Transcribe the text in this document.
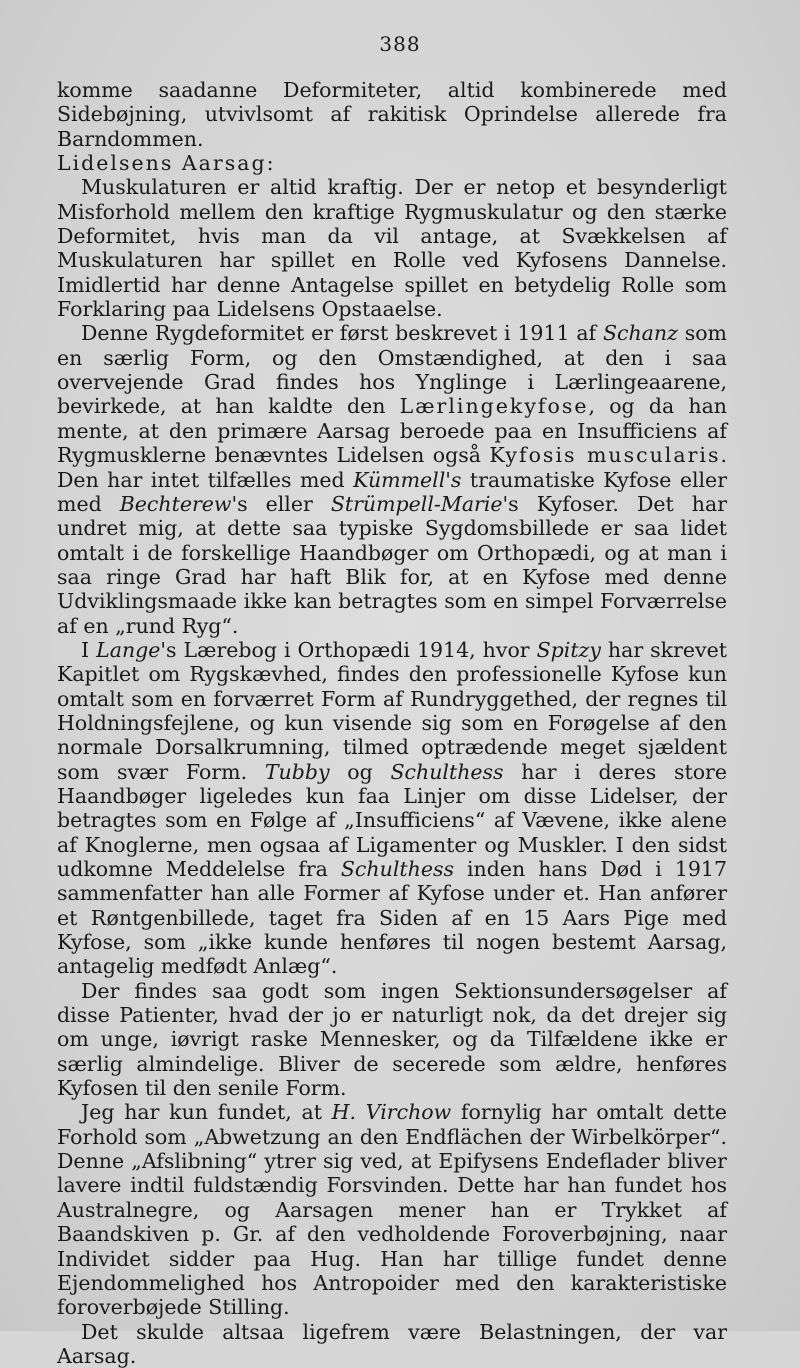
388

komme saadanne Deformiteter, altid kombinerede med Sidebøjning, utvivlsomt af rakitisk Oprindelse allerede fra Barndommen.

Lidelsens Aarsag:

Muskulaturen er altid kraftig. Der er netop et besynderligt Misforhold mellem den kraftige Rygmuskulatur og den stærke Deformitet, hvis man da vil antage, at Svækkelsen af Muskulaturen har spillet en Rolle ved Kyfosens Dannelse. Imidlertid har denne Antagelse spillet en betydelig Rolle som Forklaring paa Lidelsens Opstaaelse.

Denne Rygdeformitet er først beskrevet i 1911 af Schanz som en særlig Form, og den Omstændighed, at den i saa overvejende Grad findes hos Ynglinge i Lærlingeaarene, bevirkede, at han kaldte den Lærlingekyfose, og da han mente, at den primære Aarsag beroede paa en Insufficiens af Rygmusklerne benævntes Lidelsen også Kyfosis muscularis. Den har intet tilfælles med Kümmell's traumatiske Kyfose eller med Bechterew's eller Strümpell-Marie's Kyfoser. Det har undret mig, at dette saa typiske Sygdomsbillede er saa lidet omtalt i de forskellige Haandbøger om Orthopædi, og at man i saa ringe Grad har haft Blik for, at en Kyfose med denne Udviklingsmaade ikke kan betragtes som en simpel Forværrelse af en „rund Ryg“.

I Lange's Lærebog i Orthopædi 1914, hvor Spitzy har skrevet Kapitlet om Rygskævhed, findes den professionelle Kyfose kun omtalt som en forværret Form af Rundryggethed, der regnes til Holdningsfejlene, og kun visende sig som en Forøgelse af den normale Dorsalkrumning, tilmed optrædende meget sjældent som svær Form. Tubby og Schulthess har i deres store Haandbøger ligeledes kun faa Linjer om disse Lidelser, der betragtes som en Følge af „Insufficiens“ af Vævene, ikke alene af Knoglerne, men ogsaa af Ligamenter og Muskler. I den sidst udkomne Meddelelse fra Schulthess inden hans Død i 1917 sammenfatter han alle Former af Kyfose under et. Han anfører et Røntgenbillede, taget fra Siden af en 15 Aars Pige med Kyfose, som „ikke kunde henføres til nogen bestemt Aarsag, antagelig medfødt Anlæg“.

Der findes saa godt som ingen Sektionsundersøgelser af disse Patienter, hvad der jo er naturligt nok, da det drejer sig om unge, iøvrigt raske Mennesker, og da Tilfældene ikke er særlig almindelige. Bliver de secerede som ældre, henføres Kyfosen til den senile Form.

Jeg har kun fundet, at H. Virchow fornylig har omtalt dette Forhold som „Abwetzung an den Endflächen der Wirbelkörper“. Denne „Afslibning“ ytrer sig ved, at Epifysens Endeflader bliver lavere indtil fuldstændig Forsvinden. Dette har han fundet hos Australnegre, og Aarsagen mener han er Trykket af Baandskiven p. Gr. af den vedholdende Foroverbøjning, naar Individet sidder paa Hug. Han har tillige fundet denne Ejendommelighed hos Antropoider med den karakteristiske foroverbøjede Stilling.

Det skulde altsaa ligefrem være Belastningen, der var Aarsag.
